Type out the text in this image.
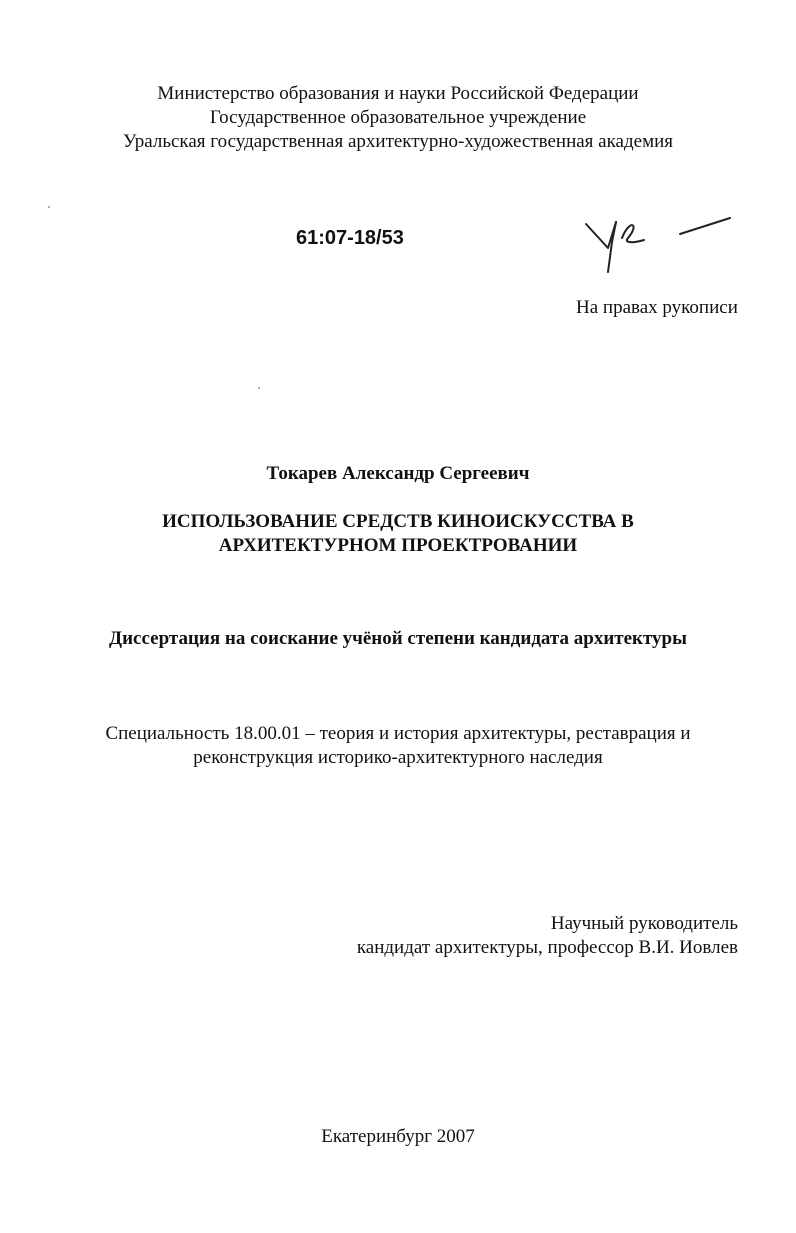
Министерство образования и науки Российской Федерации
Государственное образовательное учреждение
Уральская государственная архитектурно-художественная академия
61:07-18/53
На правах рукописи
Токарев Александр Сергеевич
ИСПОЛЬЗОВАНИЕ СРЕДСТВ КИНОИСКУССТВА В
АРХИТЕКТУРНОМ ПРОЕКТРОВАНИИ
Диссертация на соискание учёной степени кандидата архитектуры
Специальность 18.00.01 – теория и история архитектуры, реставрация и
реконструкция историко-архитектурного наследия
Научный руководитель
кандидат архитектуры, профессор В.И. Иовлев
Екатеринбург 2007
